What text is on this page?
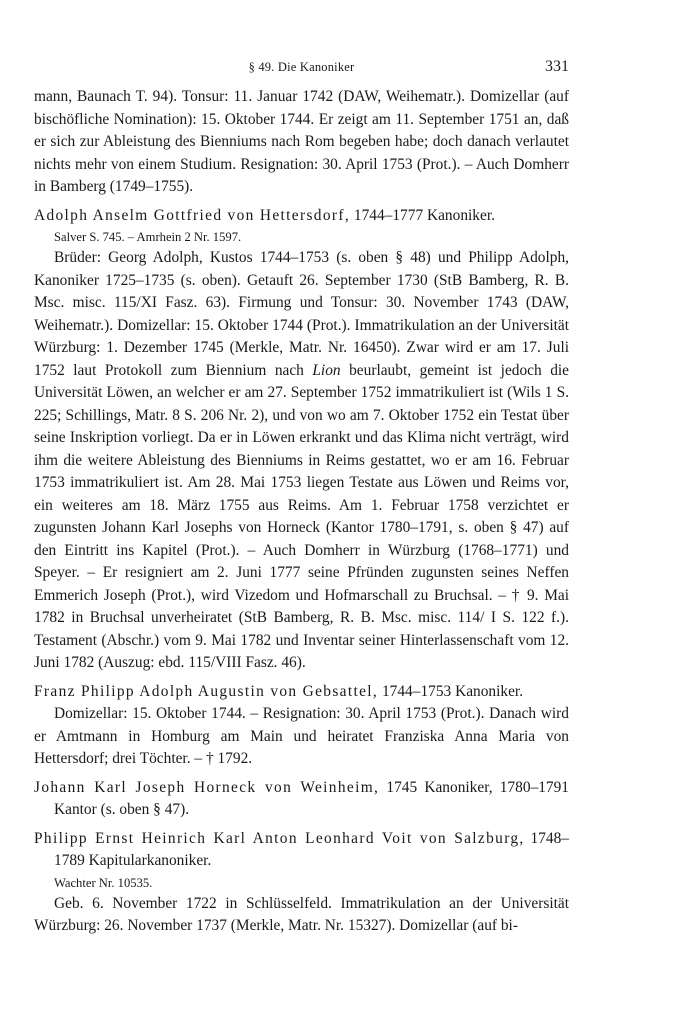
§ 49. Die Kanoniker	331

mann, Baunach T. 94). Tonsur: 11. Januar 1742 (DAW, Weihematr.). Domizellar (auf bischöfliche Nomination): 15. Oktober 1744. Er zeigt am 11. September 1751 an, daß er sich zur Ableistung des Bienniums nach Rom begeben habe; doch danach verlautet nichts mehr von einem Studium. Resignation: 30. April 1753 (Prot.). – Auch Domherr in Bamberg (1749–1755).

Adolph Anselm Gottfried von Hettersdorf, 1744–1777 Kanoniker.

Salver S. 745. – Amrhein 2 Nr. 1597.

Brüder: Georg Adolph, Kustos 1744–1753 (s. oben § 48) und Philipp Adolph, Kanoniker 1725–1735 (s. oben). Getauft 26. September 1730 (StB Bamberg, R. B. Msc. misc. 115/XI Fasz. 63). Firmung und Tonsur: 30. November 1743 (DAW, Weihematr.). Domizellar: 15. Oktober 1744 (Prot.). Immatrikulation an der Universität Würzburg: 1. Dezember 1745 (Merkle, Matr. Nr. 16450). Zwar wird er am 17. Juli 1752 laut Protokoll zum Biennium nach Lion beurlaubt, gemeint ist jedoch die Universität Löwen, an welcher er am 27. September 1752 immatrikuliert ist (Wils 1 S. 225; Schillings, Matr. 8 S. 206 Nr. 2), und von wo am 7. Oktober 1752 ein Testat über seine Inskription vorliegt. Da er in Löwen erkrankt und das Klima nicht verträgt, wird ihm die weitere Ableistung des Bienniums in Reims gestattet, wo er am 16. Februar 1753 immatrikuliert ist. Am 28. Mai 1753 liegen Testate aus Löwen und Reims vor, ein weiteres am 18. März 1755 aus Reims. Am 1. Februar 1758 verzichtet er zugunsten Johann Karl Josephs von Horneck (Kantor 1780–1791, s. oben § 47) auf den Eintritt ins Kapitel (Prot.). – Auch Domherr in Würzburg (1768–1771) und Speyer. – Er resigniert am 2. Juni 1777 seine Pfründen zugunsten seines Neffen Emmerich Joseph (Prot.), wird Vizedom und Hofmarschall zu Bruchsal. – † 9. Mai 1782 in Bruchsal unverheiratet (StB Bamberg, R. B. Msc. misc. 114/ I S. 122 f.). Testament (Abschr.) vom 9. Mai 1782 und Inventar seiner Hinterlassenschaft vom 12. Juni 1782 (Auszug: ebd. 115/VIII Fasz. 46).

Franz Philipp Adolph Augustin von Gebsattel, 1744–1753 Kanoniker.

Domizellar: 15. Oktober 1744. – Resignation: 30. April 1753 (Prot.). Danach wird er Amtmann in Homburg am Main und heiratet Franziska Anna Maria von Hettersdorf; drei Töchter. – † 1792.

Johann Karl Joseph Horneck von Weinheim, 1745 Kanoniker, 1780–1791 Kantor (s. oben § 47).

Philipp Ernst Heinrich Karl Anton Leonhard Voit von Salzburg, 1748–1789 Kapitularkanoniker.

Wachter Nr. 10535.

Geb. 6. November 1722 in Schlüsselfeld. Immatrikulation an der Universität Würzburg: 26. November 1737 (Merkle, Matr. Nr. 15327). Domizellar (auf bi-
